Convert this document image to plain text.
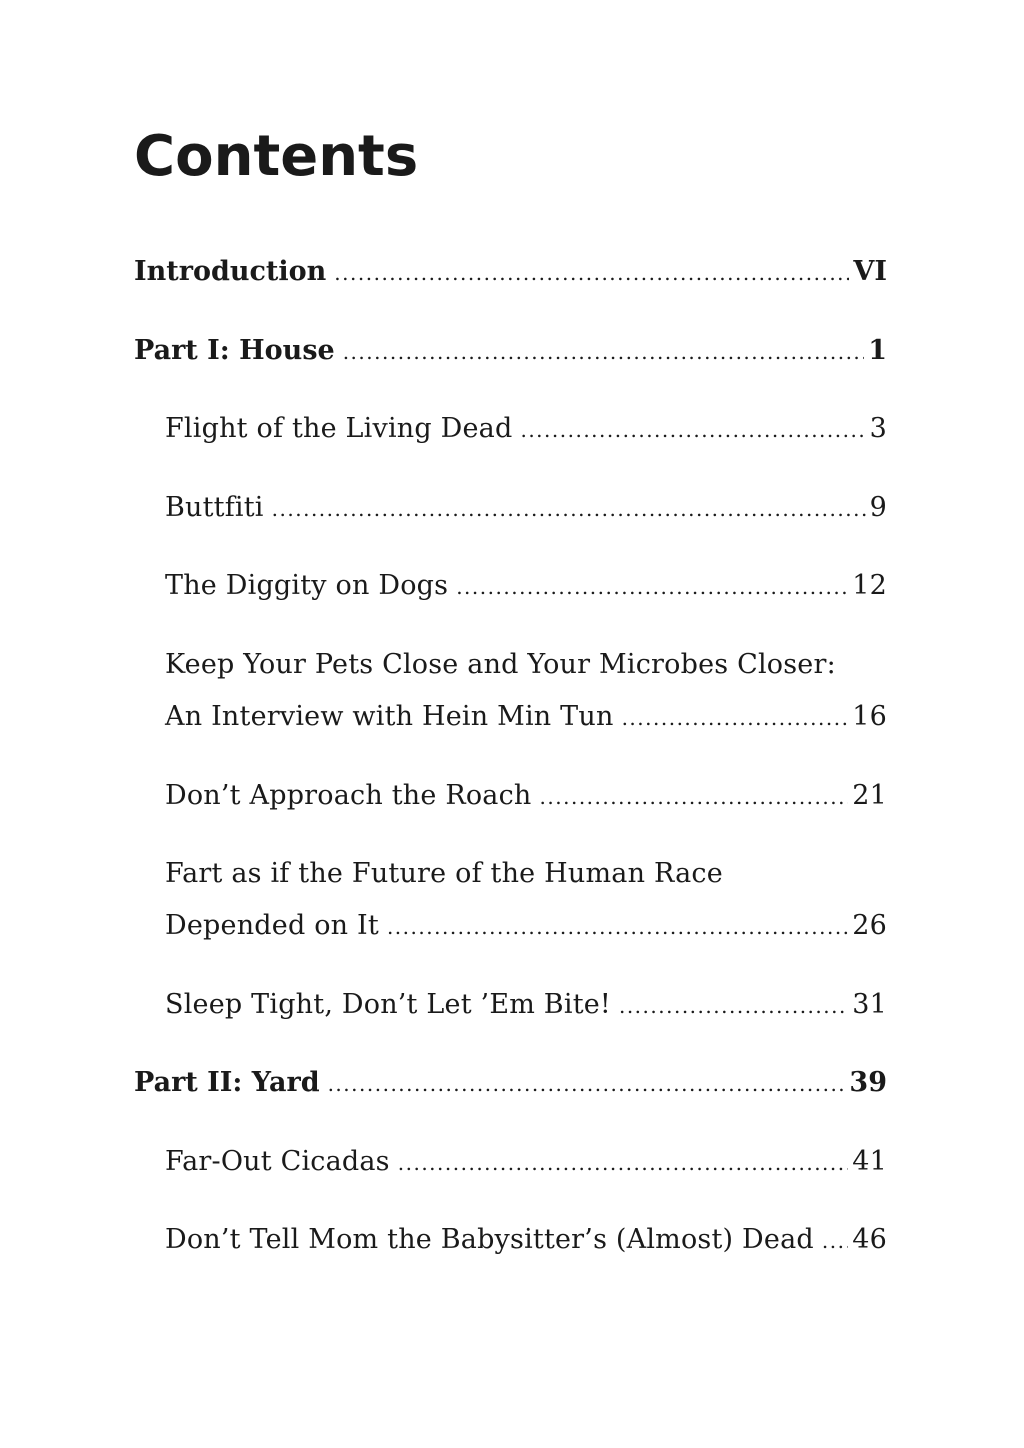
Contents
Introduction .....	VI
Part I: House .....	1
Flight of the Living Dead .....	3
Buttfiti .....	9
The Diggity on Dogs .....	12
Keep Your Pets Close and Your Microbes Closer:
An Interview with Hein Min Tun .....	16
Don’t Approach the Roach .....	21
Fart as if the Future of the Human Race
Depended on It .....	26
Sleep Tight, Don’t Let ’Em Bite! .....	31
Part II: Yard .....	39
Far-Out Cicadas .....	41
Don’t Tell Mom the Babysitter’s (Almost) Dead ..... 46
